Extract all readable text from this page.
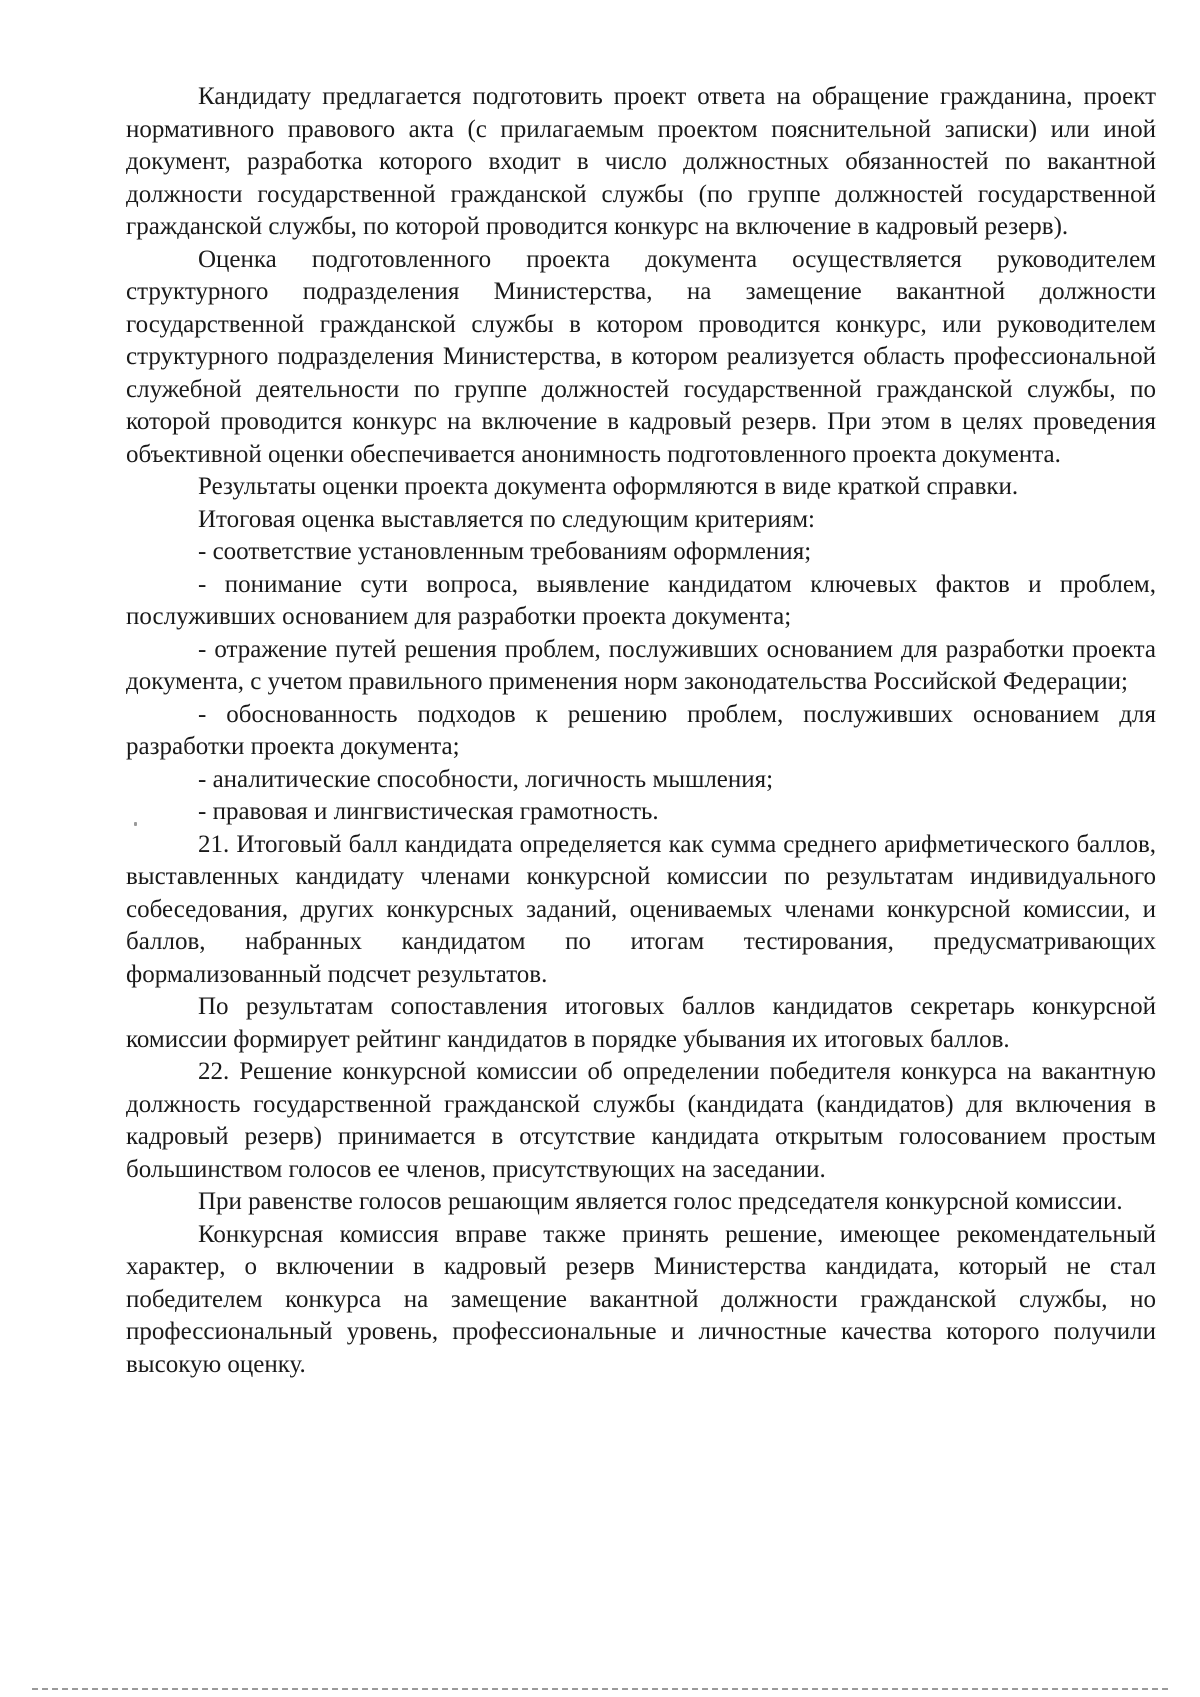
Кандидату предлагается подготовить проект ответа на обращение гражданина, проект нормативного правового акта (с прилагаемым проектом пояснительной записки) или иной документ, разработка которого входит в число должностных обязанностей по вакантной должности государственной гражданской службы (по группе должностей государственной гражданской службы, по которой проводится конкурс на включение в кадровый резерв).

Оценка подготовленного проекта документа осуществляется руководителем структурного подразделения Министерства, на замещение вакантной должности государственной гражданской службы в котором проводится конкурс, или руководителем структурного подразделения Министерства, в котором реализуется область профессиональной служебной деятельности по группе должностей государственной гражданской службы, по которой проводится конкурс на включение в кадровый резерв. При этом в целях проведения объективной оценки обеспечивается анонимность подготовленного проекта документа.

Результаты оценки проекта документа оформляются в виде краткой справки.

Итоговая оценка выставляется по следующим критериям:

- соответствие установленным требованиям оформления;

- понимание сути вопроса, выявление кандидатом ключевых фактов и проблем, послуживших основанием для разработки проекта документа;

- отражение путей решения проблем, послуживших основанием для разработки проекта документа, с учетом правильного применения норм законодательства Российской Федерации;

- обоснованность подходов к решению проблем, послуживших основанием для разработки проекта документа;

- аналитические способности, логичность мышления;

- правовая и лингвистическая грамотность.

21. Итоговый балл кандидата определяется как сумма среднего арифметического баллов, выставленных кандидату членами конкурсной комиссии по результатам индивидуального собеседования, других конкурсных заданий, оцениваемых членами конкурсной комиссии, и баллов, набранных кандидатом по итогам тестирования, предусматривающих формализованный подсчет результатов.

По результатам сопоставления итоговых баллов кандидатов секретарь конкурсной комиссии формирует рейтинг кандидатов в порядке убывания их итоговых баллов.

22. Решение конкурсной комиссии об определении победителя конкурса на вакантную должность государственной гражданской службы (кандидата (кандидатов) для включения в кадровый резерв) принимается в отсутствие кандидата открытым голосованием простым большинством голосов ее членов, присутствующих на заседании.

При равенстве голосов решающим является голос председателя конкурсной комиссии.

Конкурсная комиссия вправе также принять решение, имеющее рекомендательный характер, о включении в кадровый резерв Министерства кандидата, который не стал победителем конкурса на замещение вакантной должности гражданской службы, но профессиональный уровень, профессиональные и личностные качества которого получили высокую оценку.
